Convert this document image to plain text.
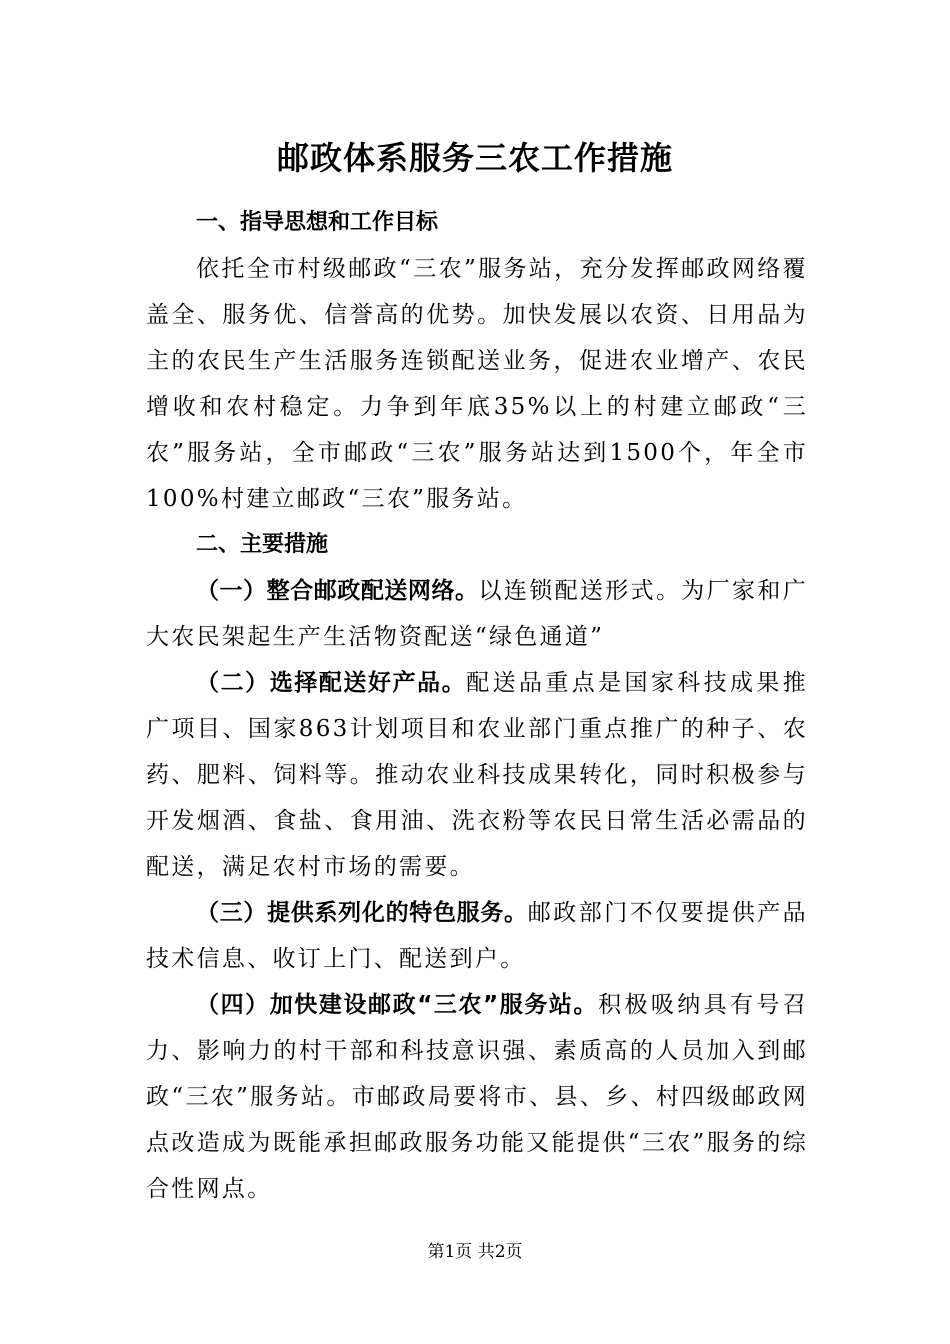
邮政体系服务三农工作措施

一、指导思想和工作目标

依托全市村级邮政“三农”服务站，充分发挥邮政网络覆盖全、服务优、信誉高的优势。加快发展以农资、日用品为主的农民生产生活服务连锁配送业务，促进农业增产、农民增收和农村稳定。力争到年底35%以上的村建立邮政“三农”服务站，全市邮政“三农”服务站达到1500个，年全市100%村建立邮政“三农”服务站。

二、主要措施

（一）整合邮政配送网络。以连锁配送形式。为厂家和广大农民架起生产生活物资配送“绿色通道”

（二）选择配送好产品。配送品重点是国家科技成果推广项目、国家863计划项目和农业部门重点推广的种子、农药、肥料、饲料等。推动农业科技成果转化，同时积极参与开发烟酒、食盐、食用油、洗衣粉等农民日常生活必需品的配送，满足农村市场的需要。

（三）提供系列化的特色服务。邮政部门不仅要提供产品技术信息、收订上门、配送到户。

（四）加快建设邮政“三农”服务站。积极吸纳具有号召力、影响力的村干部和科技意识强、素质高的人员加入到邮政“三农”服务站。市邮政局要将市、县、乡、村四级邮政网点改造成为既能承担邮政服务功能又能提供“三农”服务的综合性网点。

第1页 共2页
